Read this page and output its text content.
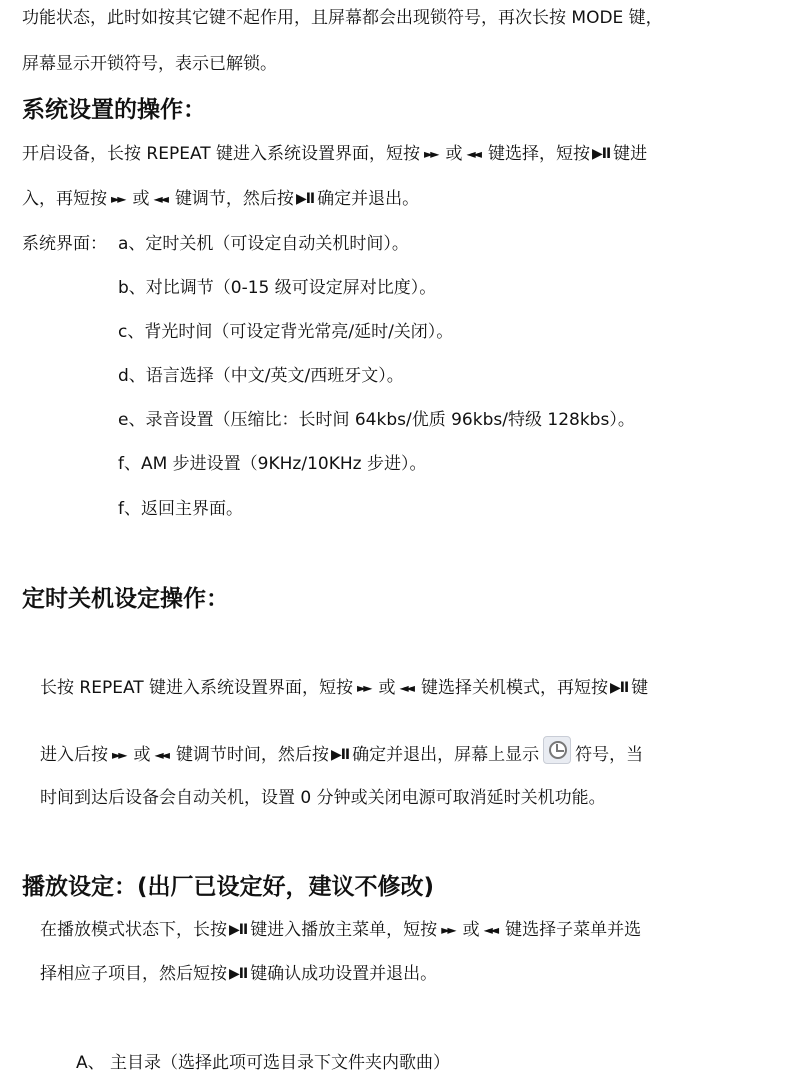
功能状态，此时如按其它键不起作用，且屏幕都会出现锁符号，再次长按 MODE 键，
屏幕显示开锁符号，表示已解锁。
系统设置的操作：
开启设备，长按 REPEAT 键进入系统设置界面，短按 ►► 或 ◄◄ 键选择，短按 ▶II 键进
入，再短按 ►► 或 ◄◄ 键调节，然后按 ▶II 确定并退出。
系统界面： a、定时关机（可设定自动关机时间）。
b、对比调节（0-15 级可设定屏对比度）。
c、背光时间（可设定背光常亮/延时/关闭）。
d、语言选择（中文/英文/西班牙文）。
e、录音设置（压缩比：长时间 64kbs/优质 96kbs/特级 128kbs）。
f、AM 步进设置（9KHz/10KHz 步进）。
f、返回主界面。
定时关机设定操作：
长按 REPEAT 键进入系统设置界面，短按 ►► 或 ◄◄ 键选择关机模式，再短按 ▶II 键
进入后按 ►► 或 ◄◄ 键调节时间，然后按 ▶II 确定并退出，屏幕上显示 符号，当
时间到达后设备会自动关机，设置 0 分钟或关闭电源可取消延时关机功能。
播放设定：(出厂已设定好，建议不修改)
在播放模式状态下，长按 ▶II 键进入播放主菜单，短按 ►► 或 ◄◄ 键选择子菜单并选
择相应子项目，然后短按 ▶II 键确认成功设置并退出。
A、 主目录（选择此项可选目录下文件夹内歌曲）
